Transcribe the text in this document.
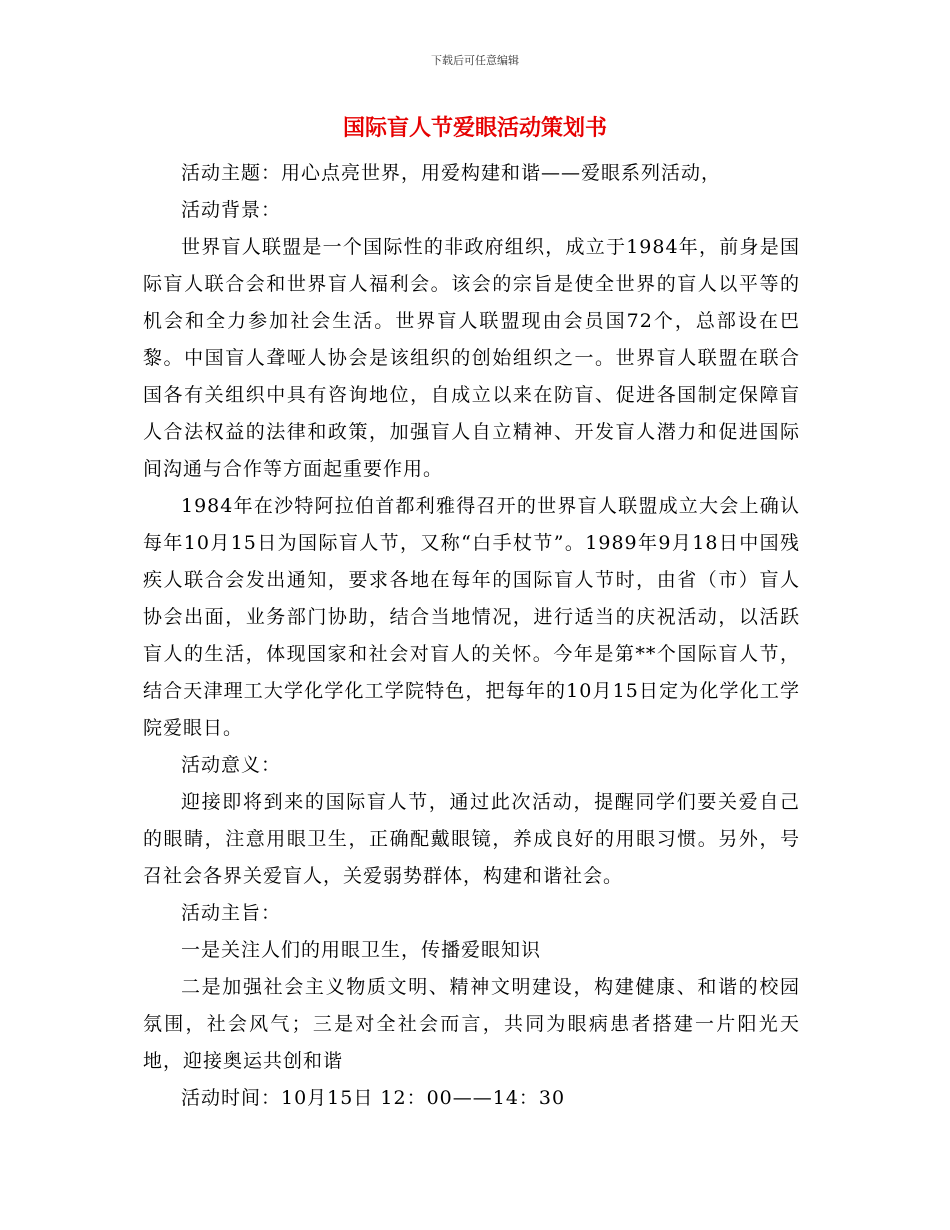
下载后可任意编辑
国际盲人节爱眼活动策划书

活动主题：用心点亮世界，用爱构建和谐——爱眼系列活动，

活动背景：

世界盲人联盟是一个国际性的非政府组织，成立于1984年，前身是国际盲人联合会和世界盲人福利会。该会的宗旨是使全世界的盲人以平等的机会和全力参加社会生活。世界盲人联盟现由会员国72个，总部设在巴黎。中国盲人聋哑人协会是该组织的创始组织之一。世界盲人联盟在联合国各有关组织中具有咨询地位，自成立以来在防盲、促进各国制定保障盲人合法权益的法律和政策，加强盲人自立精神、开发盲人潜力和促进国际间沟通与合作等方面起重要作用。

1984年在沙特阿拉伯首都利雅得召开的世界盲人联盟成立大会上确认每年10月15日为国际盲人节，又称“白手杖节”。1989年9月18日中国残疾人联合会发出通知，要求各地在每年的国际盲人节时，由省（市）盲人协会出面，业务部门协助，结合当地情况，进行适当的庆祝活动，以活跃盲人的生活，体现国家和社会对盲人的关怀。今年是第**个国际盲人节，结合天津理工大学化学化工学院特色，把每年的10月15日定为化学化工学院爱眼日。

活动意义：

迎接即将到来的国际盲人节，通过此次活动，提醒同学们要关爱自己的眼睛，注意用眼卫生，正确配戴眼镜，养成良好的用眼习惯。另外，号召社会各界关爱盲人，关爱弱势群体，构建和谐社会。

活动主旨：

一是关注人们的用眼卫生，传播爱眼知识

二是加强社会主义物质文明、精神文明建设，构建健康、和谐的校园氛围，社会风气；三是对全社会而言，共同为眼病患者搭建一片阳光天地，迎接奥运共创和谐

活动时间：10月15日 12：00——14：30
